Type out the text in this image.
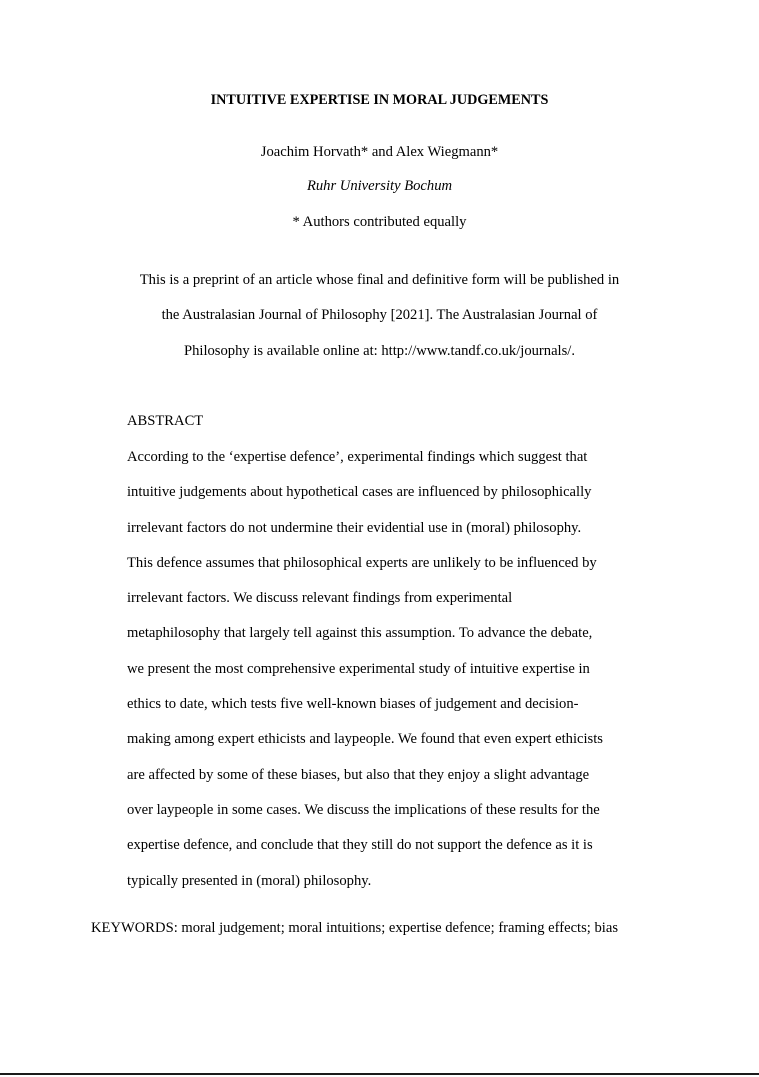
INTUITIVE EXPERTISE IN MORAL JUDGEMENTS
Joachim Horvath* and Alex Wiegmann*
Ruhr University Bochum
* Authors contributed equally
This is a preprint of an article whose final and definitive form will be published in
the Australasian Journal of Philosophy [2021]. The Australasian Journal of
Philosophy is available online at: http://www.tandf.co.uk/journals/.
ABSTRACT
According to the ‘expertise defence’, experimental findings which suggest that
intuitive judgements about hypothetical cases are influenced by philosophically
irrelevant factors do not undermine their evidential use in (moral) philosophy.
This defence assumes that philosophical experts are unlikely to be influenced by
irrelevant factors. We discuss relevant findings from experimental
metaphilosophy that largely tell against this assumption. To advance the debate,
we present the most comprehensive experimental study of intuitive expertise in
ethics to date, which tests five well-known biases of judgement and decision-
making among expert ethicists and laypeople. We found that even expert ethicists
are affected by some of these biases, but also that they enjoy a slight advantage
over laypeople in some cases. We discuss the implications of these results for the
expertise defence, and conclude that they still do not support the defence as it is
typically presented in (moral) philosophy.
KEYWORDS: moral judgement; moral intuitions; expertise defence; framing effects; bias
